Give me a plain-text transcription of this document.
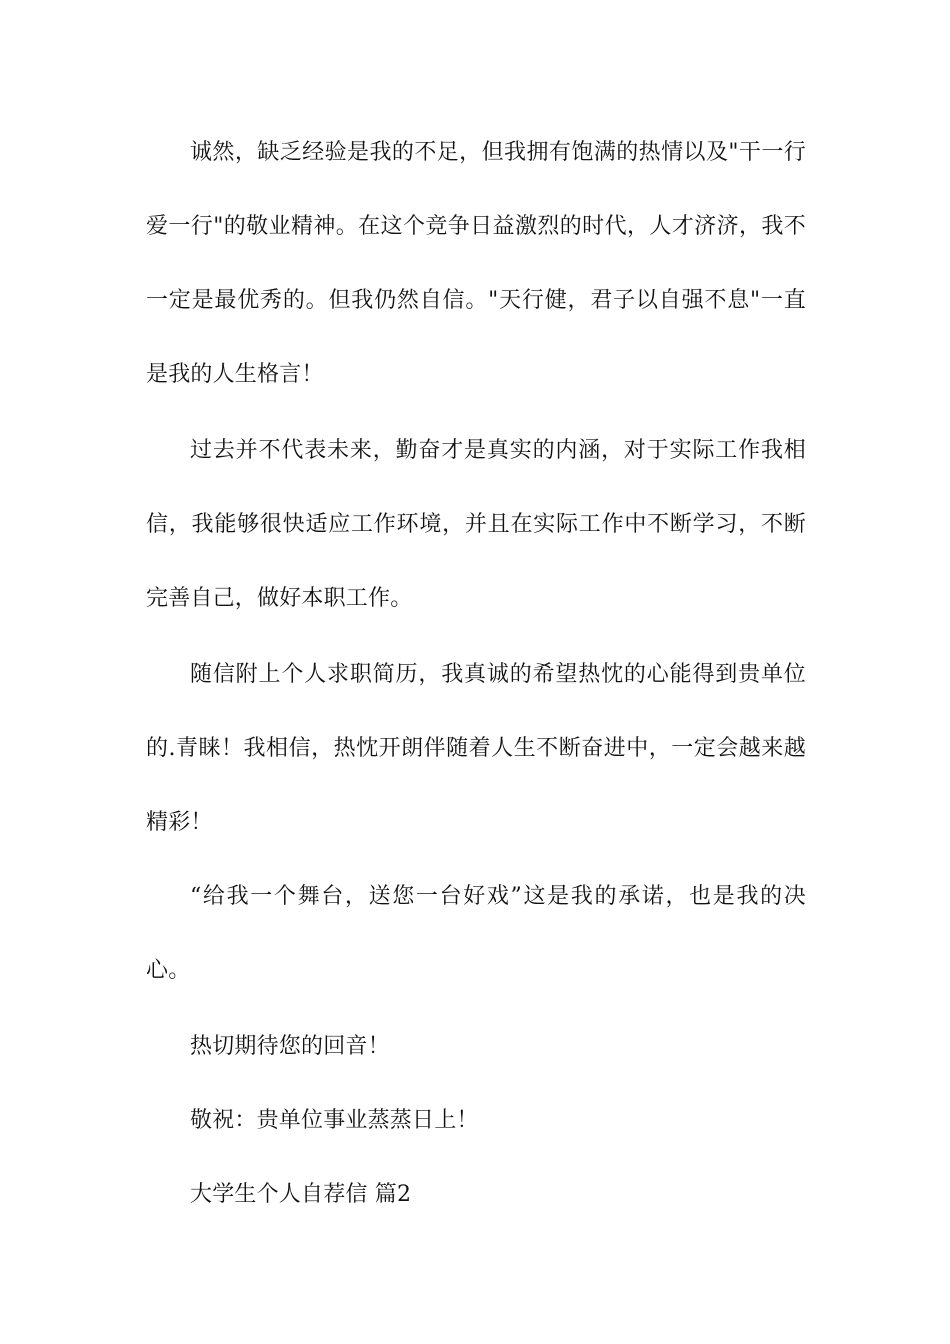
诚然，缺乏经验是我的不足，但我拥有饱满的热情以及"干一行爱一行"的敬业精神。在这个竞争日益激烈的时代，人才济济，我不一定是最优秀的。但我仍然自信。"天行健，君子以自强不息"一直是我的人生格言！

过去并不代表未来，勤奋才是真实的内涵，对于实际工作我相信，我能够很快适应工作环境，并且在实际工作中不断学习，不断完善自己，做好本职工作。

随信附上个人求职简历，我真诚的希望热忱的心能得到贵单位的.青睐！我相信，热忱开朗伴随着人生不断奋进中，一定会越来越精彩！

“给我一个舞台，送您一台好戏”这是我的承诺，也是我的决心。

热切期待您的回音！

敬祝：贵单位事业蒸蒸日上！

大学生个人自荐信 篇2
